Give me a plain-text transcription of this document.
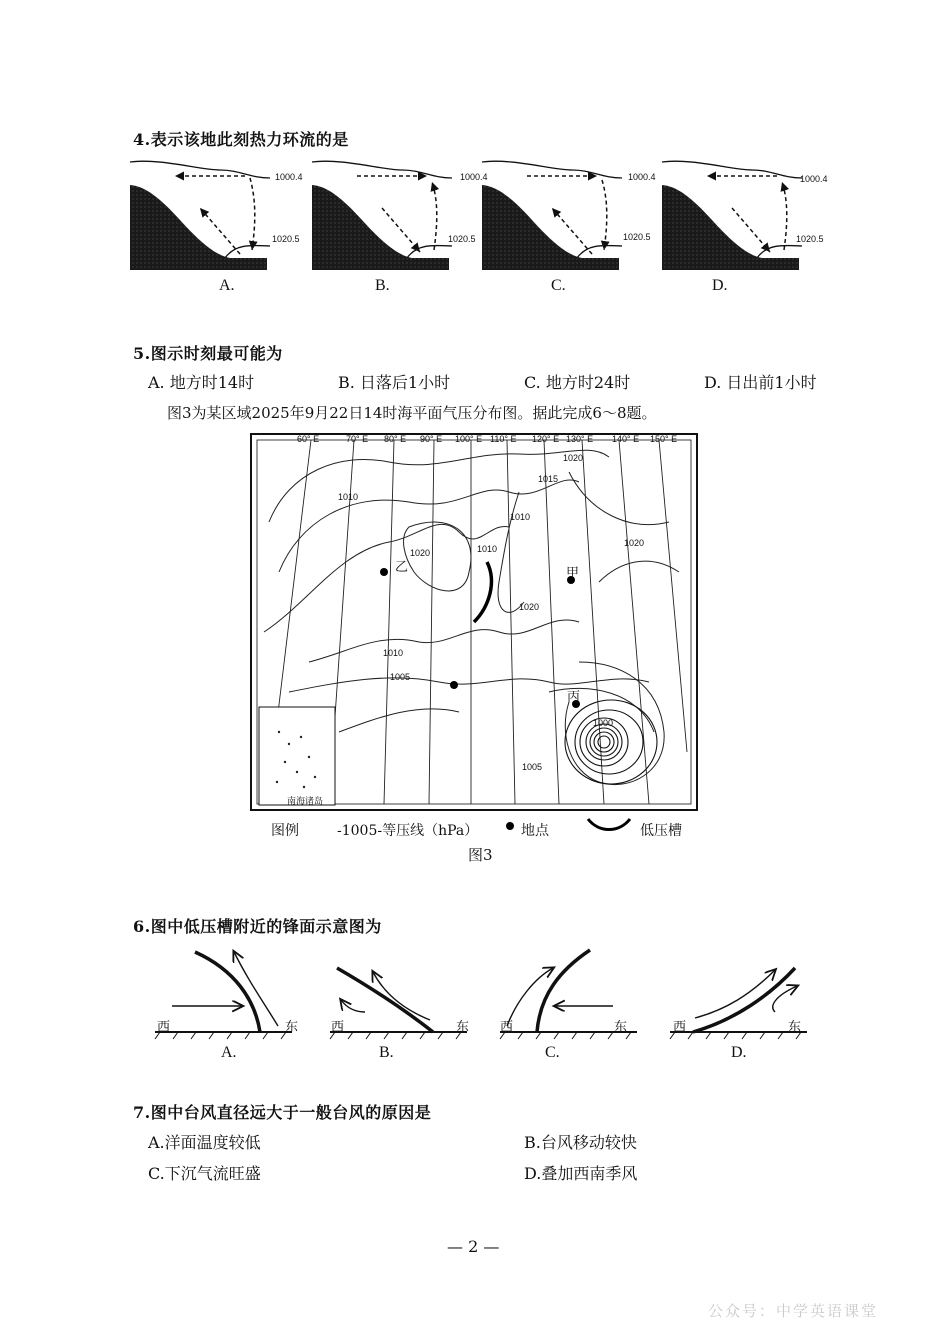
4.表示该地此刻热力环流的是
1000.4
1020.5
1000.4
1020.5
1000.4
1020.5
1000.4
1020.5
A.	B.	C.	D.
5.图示时刻最可能为
A. 地方时14时	B. 日落后1小时	C. 地方时24时	D. 日出前1小时
图3为某区域2025年9月22日14时海平面气压分布图。据此完成6～8题。
60° E	70° E 80° E 90° E 100° E 110° E 120° E 130° E 140° E 150° E
1020
1015
1010
1010
1010
1020
1020
1020
1010
1005
1000
1005
乙	甲
丙
南海诸岛
图例	-1005-等压线（hPa）	地点	低压槽
图3
6.图中低压槽附近的锋面示意图为
西	东	西	东 西	东	西	东
A.	B.	C.	D.
7.图中台风直径远大于一般台风的原因是
A.洋面温度较低	B.台风移动较快
C.下沉气流旺盛	D.叠加西南季风
— 2 —
公众号：中学英语课堂
